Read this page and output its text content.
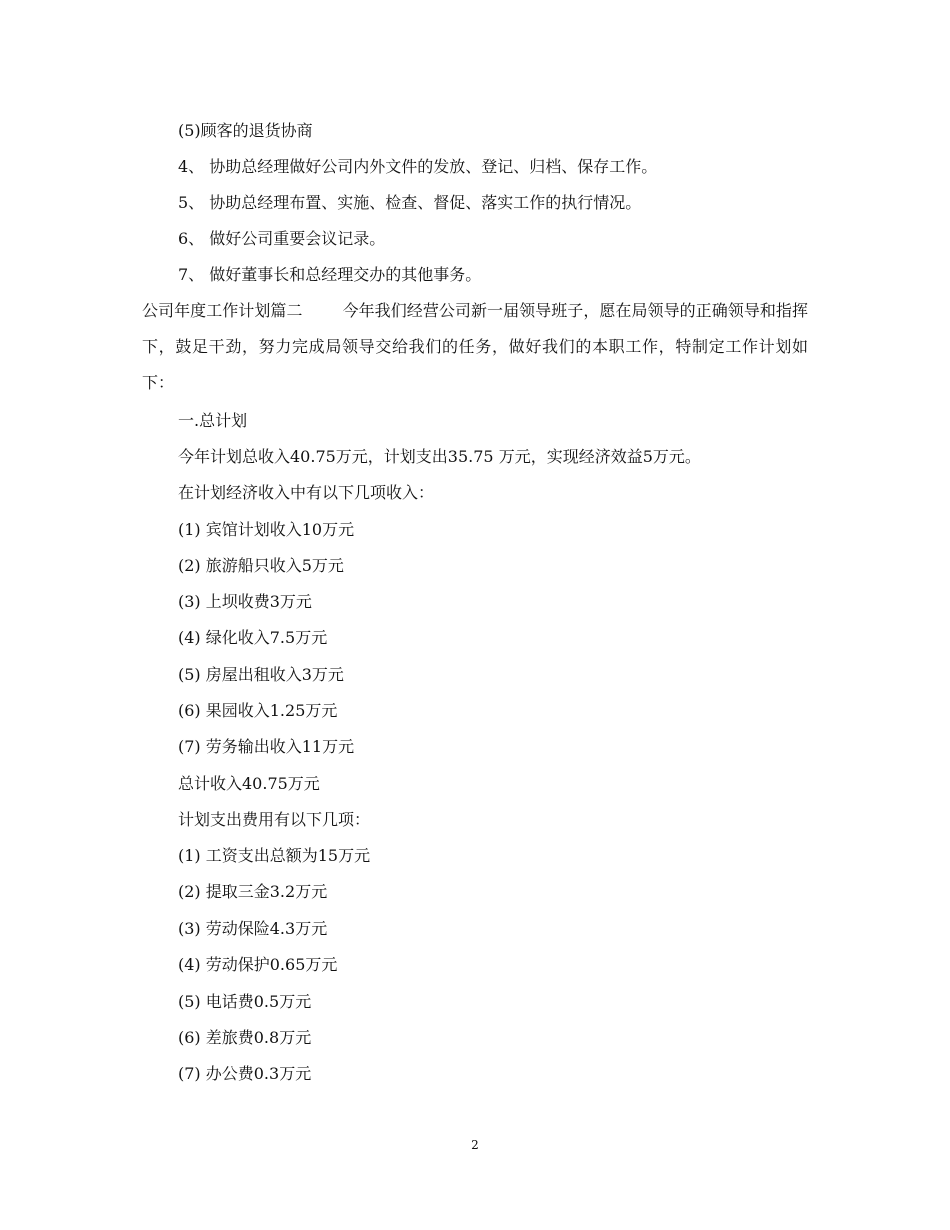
(5)顾客的退货协商
4、 协助总经理做好公司内外文件的发放、登记、归档、保存工作。
5、 协助总经理布置、实施、检查、督促、落实工作的执行情况。
6、 做好公司重要会议记录。
7、 做好董事长和总经理交办的其他事务。
公司年度工作计划篇二	今年我们经营公司新一届领导班子，愿在局领导的正确领导和指挥下，鼓足干劲，努力完成局领导交给我们的任务，做好我们的本职工作，特制定工作计划如下：
一.总计划
今年计划总收入40.75万元，计划支出35.75 万元，实现经济效益5万元。
在计划经济收入中有以下几项收入：
(1) 宾馆计划收入10万元
(2) 旅游船只收入5万元
(3) 上坝收费3万元
(4) 绿化收入7.5万元
(5) 房屋出租收入3万元
(6) 果园收入1.25万元
(7) 劳务输出收入11万元
总计收入40.75万元
计划支出费用有以下几项：
(1) 工资支出总额为15万元
(2) 提取三金3.2万元
(3) 劳动保险4.3万元
(4) 劳动保护0.65万元
(5) 电话费0.5万元
(6) 差旅费0.8万元
(7) 办公费0.3万元
2
